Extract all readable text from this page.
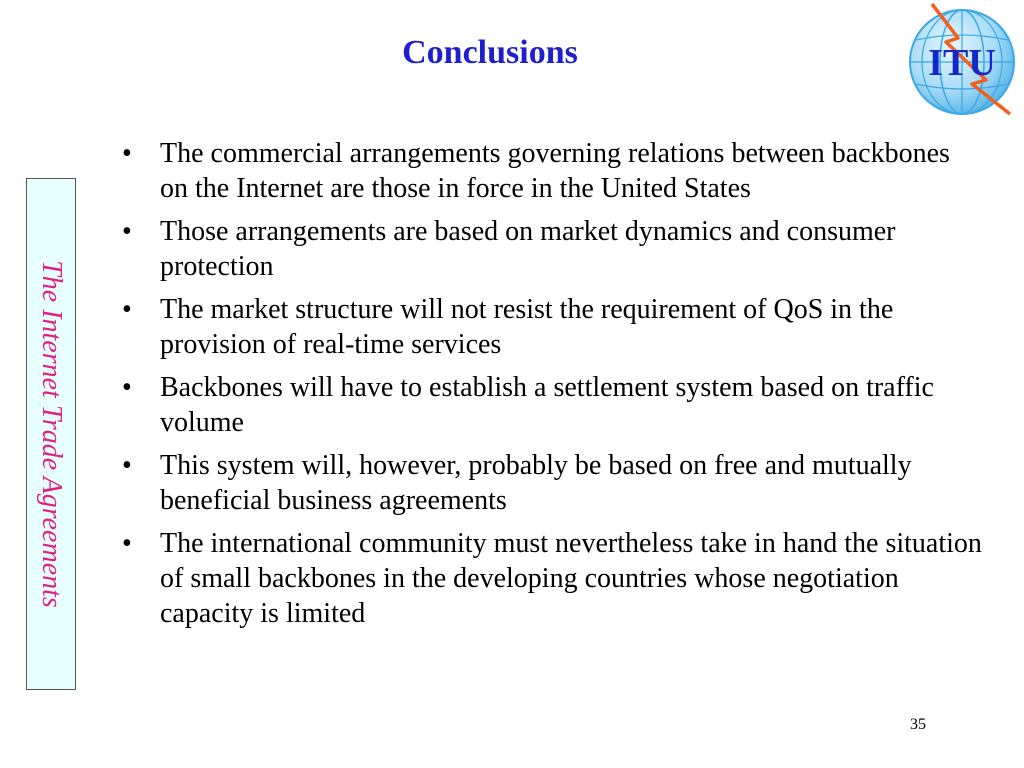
Conclusions	ITU
The Internet Trade Agreements
• The commercial arrangements governing relations between backbones on the Internet are those in force in the United States
• Those arrangements are based on market dynamics and consumer protection
• The market structure will not resist the requirement of QoS in the provision of real-time services
• Backbones will have to establish a settlement system based on traffic volume
• This system will, however, probably be based on free and mutually beneficial business agreements
• The international community must nevertheless take in hand the situation of small backbones in the developing countries whose negotiation capacity is limited
35
